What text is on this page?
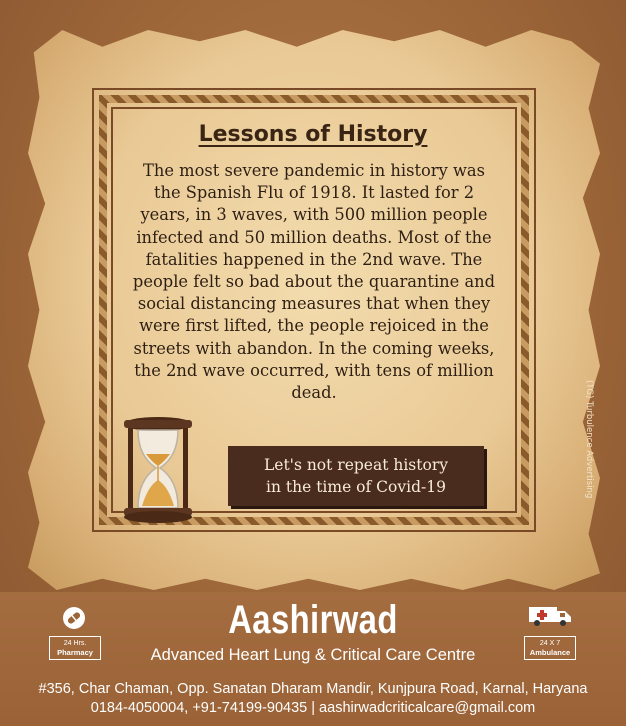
Lessons of History
The most severe pandemic in history was
the Spanish Flu of 1918. It lasted for 2
years, in 3 waves, with 500 million people
infected and 50 million deaths. Most of the
fatalities happened in the 2nd wave. The
people felt so bad about the quarantine and
social distancing measures that when they
were first lifted, the people rejoiced in the
streets with abandon. In the coming weeks,
the 2nd wave occurred, with tens of million
dead.
Let's not repeat history
in the time of Covid-19	(TG) Turbulence Advertising
24 Hrs.
Pharmacy
24 X 7
Ambulance
Aashirwad
Advanced Heart Lung & Critical Care Centre
#356, Char Chaman, Opp. Sanatan Dharam Mandir, Kunjpura Road, Karnal, Haryana
0184-4050004, +91-74199-90435 | aashirwadcriticalcare@gmail.com
